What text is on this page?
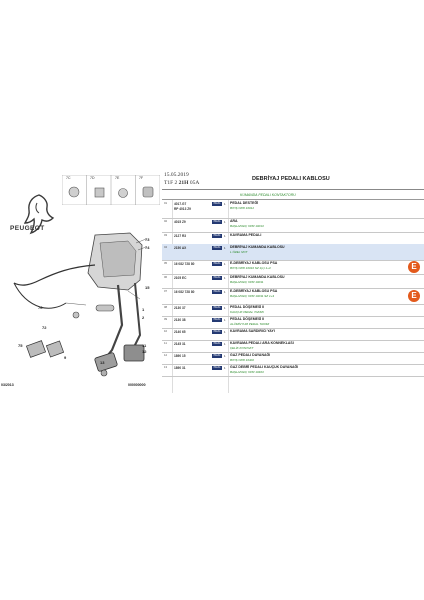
PEUGEOT
7C	7D	7E	7F
73
74
15
72
75
9
13
11
12
76	1
2
03/2013	000000000
15.05.2019
T1F 2 21H 05A
DEBRİYAJ PEDALI KABLOSU
KUMANDA PEDALI KONTAKTORU
01 4017.G7
RP 4013 Z9
PEUG	1 PEDAL DESTEĞİ
BITIŞ OPR 10012
02 4015 Z9	PEUG	1 ARA
BAŞLANGIÇ OPR 10013
03 2127 R3	PEUG	1 KAVRAMA PEDALI
04 2150 AX	PEUG	1 DEBRİYAJ KUMANDA KABLOSU
L ÖZEL NOT
05 16 082 728 80	PEUG	1 E-DEBRİYAJ KABLOSU PSA
BITIŞ OPR 10010 SZ 1(c) 1+3	E
06 2105 EC	PEUG	1 DEBRİYAJ KUMANDA KABLOSU
BAŞLANGIÇ OPR 10011
07 16 082 728 80	PEUG	1 E-DEBRİYAJ KABLOSU PSA
BAŞLANGIÇ OPR 10011 SZ 1+3	E
08 2130 37	PEUG	1 PEDAL DÖŞEMESİ II
KAUÇUK PEDAL TAKIMI
09 2130 38	PEUG	1 PEDAL DÖŞEMESİ II
ALÜMİNYUM PEDAL TAKIMI
10 2140 65	PEUG	1 KAVRAMA SARDIRICI YAYI
11 2145 31	PEUG	1 KAVRAMA PEDALI ARA KONNEKLASI
ÇELİK KONTAKT
12 1890 15	PEUG	1 GAZ PEDALI DAYANAĞI
BITIŞ OPR 10402
13 1890 31	PEUG	1 GAZ DEBRİ PEDALI KAUÇUK DAYANAĞI
BAŞLANGIÇ OPR 10403
